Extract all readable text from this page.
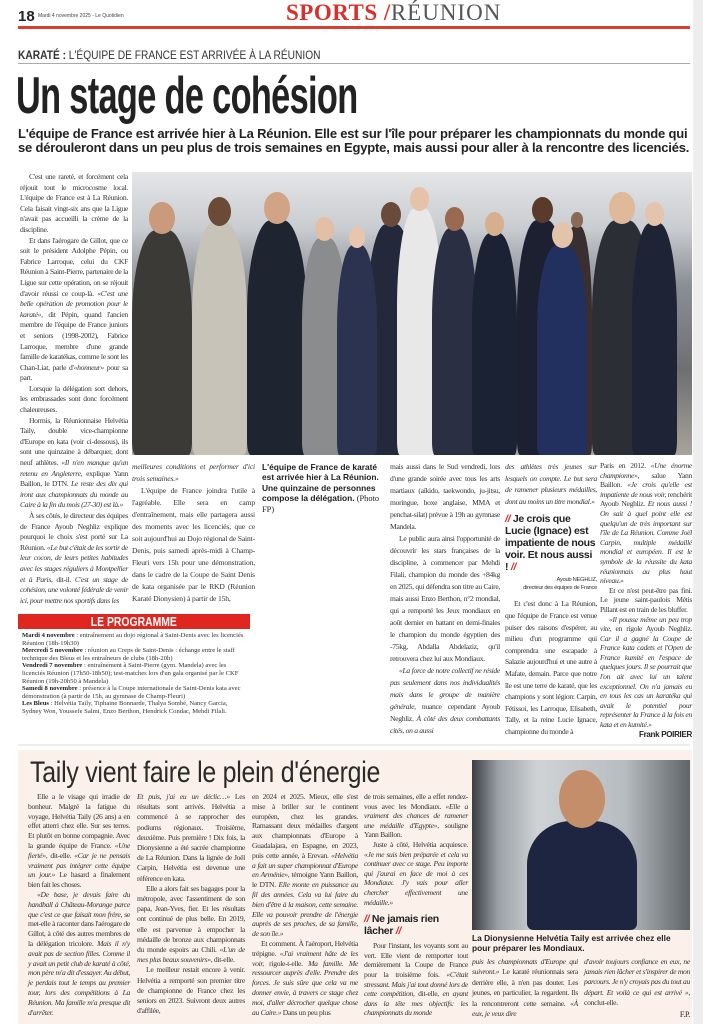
18 Mardi 4 novembre 2025 - Le Quotidien	SPORTS /RÉUNION
KARATÉ : L'ÉQUIPE DE FRANCE EST ARRIVÉE À LA RÉUNION
Un stage de cohésion
L'équipe de France est arrivée hier à La Réunion. Elle est sur l'île pour préparer les championnats du monde qui se dérouleront dans un peu plus de trois semaines en Egypte, mais aussi pour aller à la rencontre des licenciés.

C'est une rareté, et forcément cela réjouit tout le microcosme local. L'équipe de France est à La Réunion. Cela faisait vingt-six ans que la Ligue n'avait pas accueilli la crème de la discipline.

Et dans l'aérogare de Gillot, que ce soit le président Adolphe Pépin, ou Fabrice Larroque, celui du CKF Réunion à Saint-Pierre, partenaire de la Ligue sur cette opération, on se réjouit d'avoir réussi ce coup-là. «C'est une belle opération de promotion pour le karaté», dit Pépin, quand l'ancien membre de l'équipe de France juniors et seniors (1998-2002), Fabrice Larroque, membre d'une grande famille de karatékas, comme le sont les Chan-Liat, parle d'«honneur» pour sa part.

Lorsque la délégation sort dehors, les embrassades sont donc forcément chaleureuses.

Hormis, la Réunionnaise Helvétia Taily, double vice-championne d'Europe en kata (voir ci-dessous), ils sont une quinzaine à débarquer, dont neuf athlètes. «Il n'en manque qu'un retenu en Angleterre, explique Yann Baillon, le DTN. Le reste des dix qui iront aux championnats du monde au Caire à la fin du mois (27-30) est là.»

À ses côtés, le directeur des équipes de France Ayoub Neghliz explique pourquoi le choix s'est porté sur La Réunion. «Le but c'était de les sortir de leur cocon, de leurs petites habitudes avec les stages réguliers à Montpellier et à Paris, dit-il. C'est un stage de cohésion, une volonté fédérale de venir ici, pour mettre nos sportifs dans les

meilleures conditions et performer d'ici trois semaines.»

L'équipe de France joindra l'utile à l'agréable. Elle sera en camp d'entraînement, mais elle partagera aussi des moments avec les licenciés, que ce soit aujourd'hui au Dojo régional de Saint-Denis, puis samedi après-midi à Champ-Fleuri vers 15h pour une démonstration, dans le cadre de la Coupe de Saint Denis de kata organisée par le RKD (Réunion Karaté Dionysien) à partir de 15h,

L'équipe de France de karaté est arrivée hier à La Réunion. Une quinzaine de personnes compose la délégation. (Photo FP)

mais aussi dans le Sud vendredi, lors d'une grande soirée avec tous les arts martiaux (aïkido, taekwondo, ju-jitsu, moringue, boxe anglaise, MMA et penchat-silat) prévue à 19h au gymnase Mandela.

Le public aura ainsi l'opportunité de découvrir les stars françaises de la discipline, à commencer par Mehdi Filali, champion du monde des +84kg en 2025, qui défendra son titre au Caire, mais aussi Enzo Berthon, n°2 mondial, qui a remporté les Jeux mondiaux en août dernier en battant en demi-finales le champion du monde égyptien des -75kg, Abdalla Abdelaziz, qu'il retrouvera chez lui aux Mondiaux.

«La force de notre collectif ne réside pas seulement dans nos individualités mais dans le groupe de manière générale, nuance cependant Ayoub Neghliz. À côté des deux combattants cités, on a aussi

des athlètes très jeunes sur lesquels on compte. Le but sera de ramener plusieurs médailles, dont au moins un titre mondial.»

// Je crois que Lucie (Ignace) est impatiente de nous voir. Et nous aussi ! //
Ayoub NEGHLIZ,
directeur des équipes de France

Et c'est donc à La Réunion, que l'équipe de France est venue puiser des raisons d'espérer, au milieu d'un programme qui comprendra une escapade à Salazie aujourd'hui et une autre à Mafate, demain. Parce que notre île est une terre de karaté, que les champions y sont légion: Carpin, Fétissoi, les Larroque, Elisabeth, Tally, et la reine Lucie Ignace, championne du monde à

Paris en 2012. «Une énorme championne», salue Yann Baillon. «Je crois qu'elle est impatiente de nous voir, renchérit Ayoub Neghliz. Et nous aussi ! On sait à quel point elle est quelqu'un de très important sur l'île de La Réunion. Comme Joël Carpin, multiple médaillé mondial et européen. Il est le symbole de la réussite du kata réunionnais au plus haut niveau.»

Et ce n'est peut-être pas fini. Le jeune saint-paulois Métis Pillant est en train de les bluffer.

«Il pousse même un peu trop vite, en rigole Ayoub Neghliz. Car il a gagné la Coupe de France kata cadets et l'Open de France kumité en l'espace de quelques jours. Il se pourrait que l'on ait avec lui un talent exceptionnel. On n'a jamais eu en tous les cas un karatéka qui avait le potentiel pour représenter la France à la fois en kata et en kumité.»

Frank POIRIER
LE PROGRAMME
Mardi 4 novembre : entraînement au dojo régional à Saint-Denis avec les licenciés Réunion (18h-19h30)
Mercredi 5 novembre : réunion au Creps de Saint-Denis : échange entre le staff technique des Bleus et les entraîneurs de clubs (18h-20h)
Vendredi 7 novembre : entraînement à Saint-Pierre (gym. Mandela) avec les licenciés Réunion (17h50-18h50); test-matches lors d'un gala organisé par le CKF Réunion (19h-20h50 à Mandela)
Samedi 8 novembre : présence à la Coupe internationale de Saint-Denis kata avec démonstration (à partir de 15h, au gymnase de Champ-Fleuri)
Les Bleus : Helvétia Taily, Tiphaine Bonnarde, Thalya Sombé, Nancy Garcia, Sydney Won, Youssefe Salmi, Enzo Berthon, Hendrick Condac, Mehdi Filali.
Taily vient faire le plein d'énergie

Elle a le visage qui irradie de bonheur. Malgré la fatigue du voyage, Helvétia Taily (26 ans) a en effet atterri chez elle. Sur ses terres. Et plutôt en bonne compagnie. Avec la grande équipe de France. «Une fierté», dit-elle. «Car je ne pensais vraiment pas intégrer cette équipe un jour.» Le hasard a finalement bien fait les choses.

«De base, je devais faire du handball à Château-Morange parce que c'est ce que faisait mon frère, se met-elle à raconter dans l'aérogare de Gillot, à côté des autres membres de la délégation tricolore. Mais il n'y avait pas de section filles. Comme il y avait un petit club de karaté à côté, mon père m'a dit d'essayer. Au début, je perdais tout le temps au premier tour, lors des compétitions à La Réunion. Ma famille m'a presque dit d'arrêter.

Et puis, j'ai eu un déclic…» Les résultats sont arrivés. Helvétia a commencé à se rapprocher des podiums régionaux. Troisième, deuxième. Puis première ! Dix fois, la Dionysienne a été sacrée championne de La Réunion. Dans la lignée de Joël Carpin, Helvétia est devenue une référence en kata.

Elle a alors fait ses bagages pour la métropole, avec l'assentiment de son papa, Jean-Yves, fier. Et les résultats ont continué de plus belle. En 2019, elle est parvenue à empocher la médaille de bronze aux championnats du monde espoirs au Chili. «L'un de mes plus beaux souvenirs», dit-elle.

Le meilleur restait encore à venir. Helvétia a remporté son premier titre de championne de France chez les seniors en 2023. Suivront deux autres d'affilée,

en 2024 et 2025. Mieux, elle s'est mise à briller sur le continent européen, chez les grandes. Ramassant deux médailles d'argent aux championnats d'Europe à Guadalajara, en Espagne, en 2023, puis cette année, à Erevan. «Helvétia a fait un super championnat d'Europe en Arménie», témoigne Yann Baillon, le DTN. Elle monte en puissance au fil des années. Cela va lui faire du bien d'être à la maison, cette semaine. Elle va pouvoir prendre de l'énergie auprès de ses proches, de sa famille, de son île.»

Et comment. À l'aéroport, Helvétia trépigne. «J'ai vraiment hâte de les voir, rigole-t-elle. Ma famille. Me ressourcer auprès d'elle. Prendre des forces. Je suis sûre que cela va me donner envie, à travers ce stage chez moi, d'aller décrocher quelque chose au Caire.» Dans un peu plus

de trois semaines, elle a effet rendez-vous avec les Mondiaux. «Elle a vraiment des chances de ramener une médaille d'Egypte», souligne Yann Baillon.

Juste à côté, Helvétia acquiesce. «Je me suis bien préparée et cela va continuer avec ce stage. Peu importe qui j'aurai en face de moi à ces Mondiaux. J'y vais pour aller chercher effectivement une médaille.»

// Ne jamais rien lâcher //

Pour l'instant, les voyants sont au vert. Elle vient de remporter tout dernièrement la Coupe de France pour la troisième fois. «C'était stressant. Mais j'ai tout donné lors de cette compétition, dit-elle, en ayant dans la tête mes objectifs: les championnats du monde

La Dionysienne Helvétia Taily est arrivée chez elle pour préparer les Mondiaux.

puis les championnats d'Europe qui suivront.» Le karaté réunionnais sera derrière elle, à n'en pas douter. Les jeunes, en particulier, la regardent. Ils la rencontreront cette semaine. «À eux, je veux dire

d'avoir toujours confiance en eux, ne jamais rien lâcher et s'inspirer de mon parcours. Je n'y croyais pas du tout au départ. Et voilà ce qui est arrivé », conclut-elle.

F.P.
